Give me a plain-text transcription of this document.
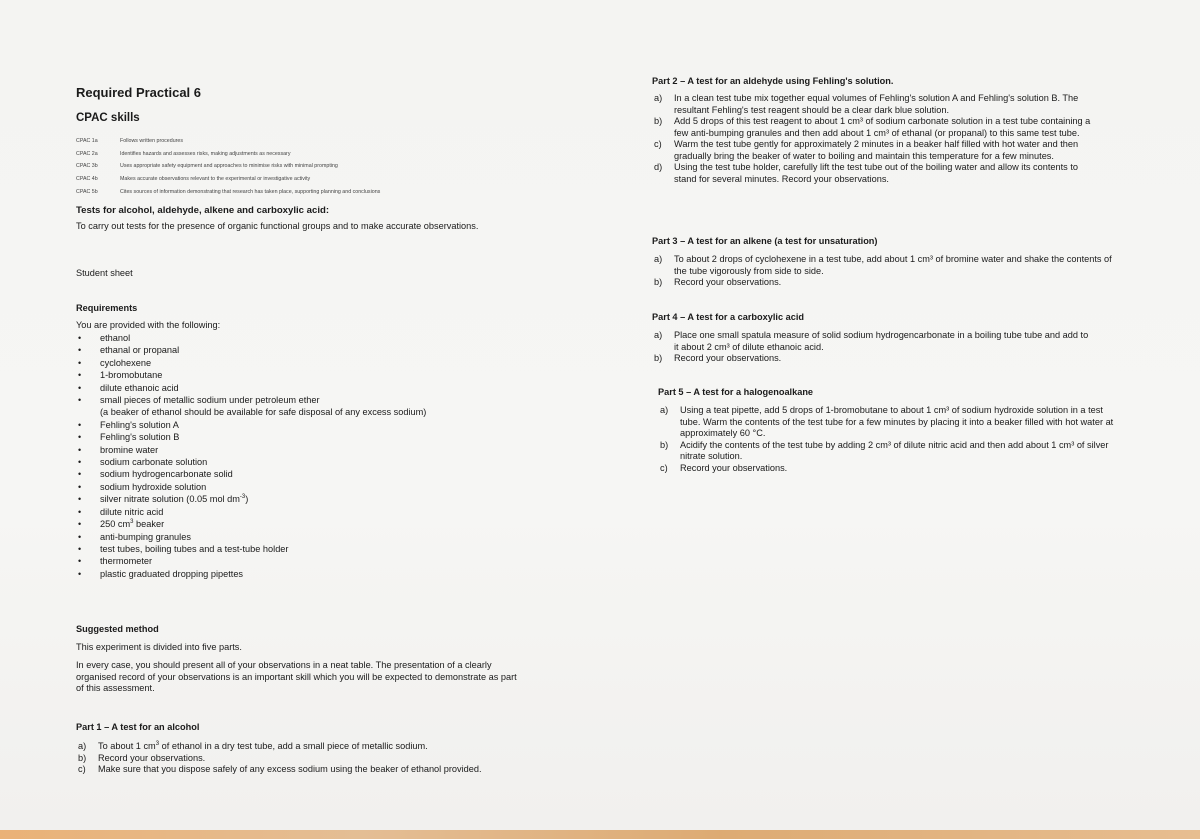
Required Practical 6
CPAC skills
CPAC 1a	Follows written procedures
CPAC 2a	Identifies hazards and assesses risks, making adjustments as necessary
CPAC 3b	Uses appropriate safety equipment and approaches to minimise risks with minimal prompting
CPAC 4b	Makes accurate observations relevant to the experimental or investigative activity
CPAC 5b	Cites sources of information demonstrating that research has taken place, supporting planning and conclusions
Tests for alcohol, aldehyde, alkene and carboxylic acid:
To carry out tests for the presence of organic functional groups and to make accurate observations.
Student sheet
Requirements
You are provided with the following:
• ethanol
• ethanal or propanal
• cyclohexene
• 1-bromobutane
• dilute ethanoic acid
• small pieces of metallic sodium under petroleum ether
(a beaker of ethanol should be available for safe disposal of any excess sodium)
• Fehling's solution A
• Fehling's solution B
• bromine water
• sodium carbonate solution
• sodium hydrogencarbonate solid
• sodium hydroxide solution
• silver nitrate solution (0.05 mol $dm^{-3}$)
• dilute nitric acid
• 250 $cm^3$ beaker
• anti-bumping granules
• test tubes, boiling tubes and a test-tube holder
• thermometer
• plastic graduated dropping pipettes
Suggested method
This experiment is divided into five parts.
In every case, you should present all of your observations in a neat table. The presentation of a clearly organised record of your observations is an important skill which you will be expected to demonstrate as part of this assessment.
Part 1 – A test for an alcohol
a) To about 1 $cm^3$ of ethanol in a dry test tube, add a small piece of metallic sodium.
b) Record your observations.
c) Make sure that you dispose safely of any excess sodium using the beaker of ethanol provided.
Part 2 – A test for an aldehyde using Fehling's solution.
a) In a clean test tube mix together equal volumes of Fehling's solution A and Fehling's solution B. The resultant Fehling's test reagent should be a clear dark blue solution.
b) Add 5 drops of this test reagent to about 1 cm³ of sodium carbonate solution in a test tube containing a few anti-bumping granules and then add about 1 cm³ of ethanal (or propanal) to this same test tube.
c) Warm the test tube gently for approximately 2 minutes in a beaker half filled with hot water and then gradually bring the beaker of water to boiling and maintain this temperature for a few minutes.
d) Using the test tube holder, carefully lift the test tube out of the boiling water and allow its contents to stand for several minutes. Record your observations.
Part 3 – A test for an alkene (a test for unsaturation)
a) To about 2 drops of cyclohexene in a test tube, add about 1 cm³ of bromine water and shake the contents of the tube vigorously from side to side.
b) Record your observations.
Part 4 – A test for a carboxylic acid
a) Place one small spatula measure of solid sodium hydrogencarbonate in a boiling tube tube and add to it about 2 cm³ of dilute ethanoic acid.
b) Record your observations.
Part 5 – A test for a halogenoalkane
a) Using a teat pipette, add 5 drops of 1-bromobutane to about 1 cm³ of sodium hydroxide solution in a test tube. Warm the contents of the test tube for a few minutes by placing it into a beaker filled with hot water at approximately 60 °C.
b) Acidify the contents of the test tube by adding 2 cm³ of dilute nitric acid and then add about 1 cm³ of silver nitrate solution.
c) Record your observations.
